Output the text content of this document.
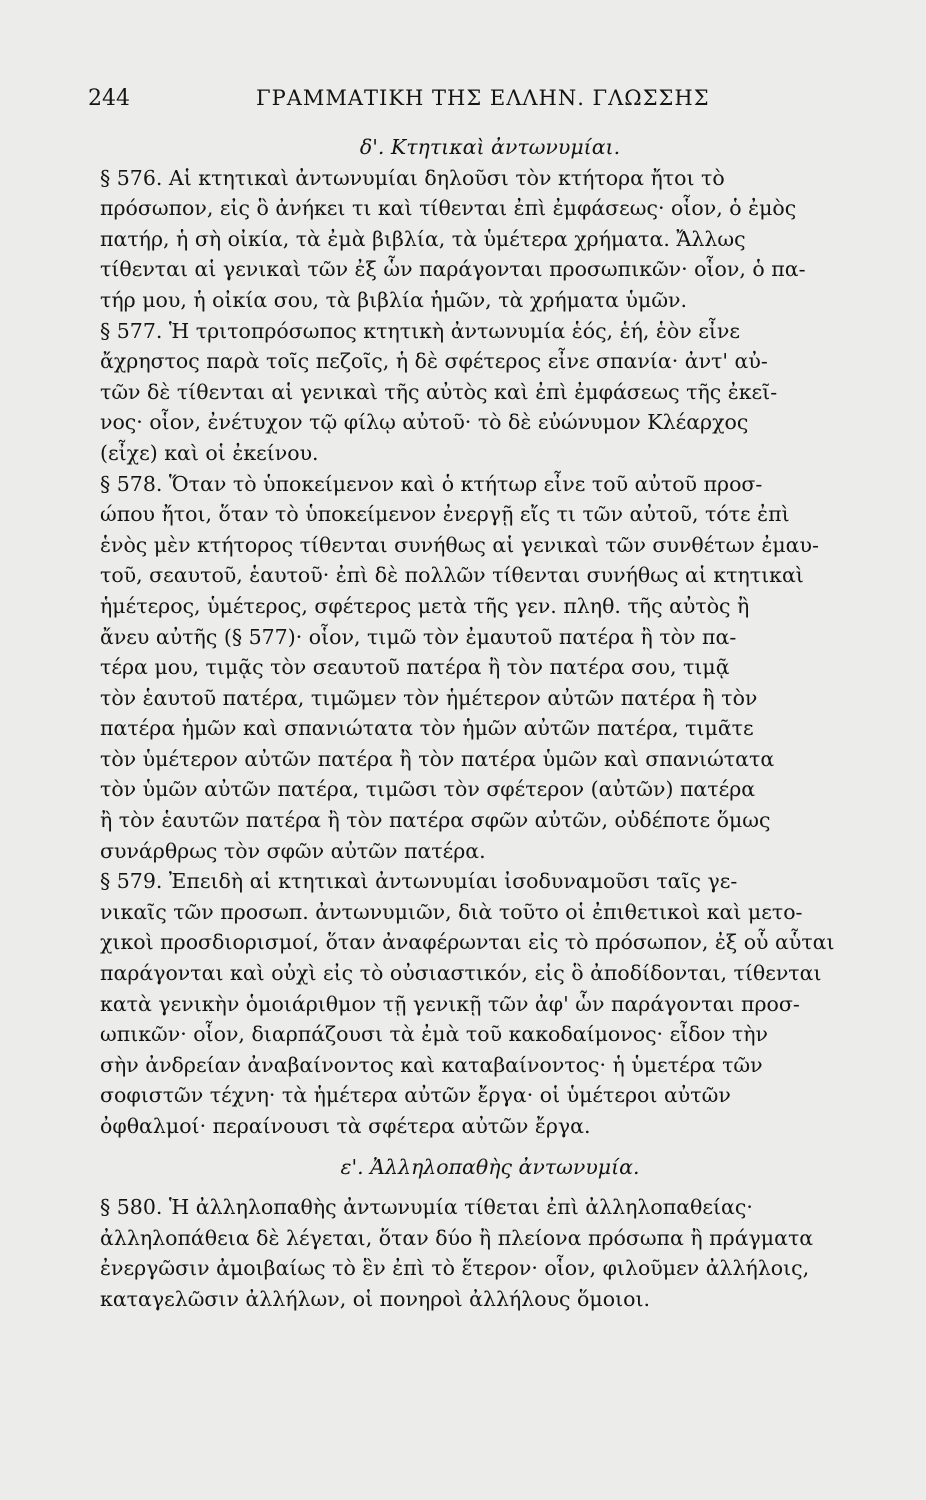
244	ΓΡΑΜΜΑΤΙΚΗ ΤΗΣ ΕΛΛΗΝ. ΓΛΩΣΣΗΣ
δ'. Κτητικαὶ ἀντωνυμίαι.
§ 576. Αἱ κτητικαὶ ἀντωνυμίαι δηλοῦσι τὸν κτήτορα ἤτοι τὸ
πρόσωπον, εἰς ὃ ἀνήκει τι καὶ τίθενται ἐπὶ ἐμφάσεως· οἷον, ὁ ἐμὸς
πατήρ, ἡ σὴ οἰκία, τὰ ἐμὰ βιβλία, τὰ ὑμέτερα χρήματα. Ἄλλως
τίθενται αἱ γενικαὶ τῶν ἐξ ὧν παράγονται προσωπικῶν· οἷον, ὁ πα-
τήρ μου, ἡ οἰκία σου, τὰ βιβλία ἡμῶν, τὰ χρήματα ὑμῶν.
§ 577. Ἡ τριτοπρόσωπος κτητικὴ ἀντωνυμία ἑός, ἑή, ἑὸν εἶνε
ἄχρηστος παρὰ τοῖς πεζοῖς, ἡ δὲ σφέτερος εἶνε σπανία· ἀντ' αὐ-
τῶν δὲ τίθενται αἱ γενικαὶ τῆς αὐτὸς καὶ ἐπὶ ἐμφάσεως τῆς ἐκεῖ-
νος· οἷον, ἐνέτυχον τῷ φίλῳ αὐτοῦ· τὸ δὲ εὐώνυμον Κλέαρχος
(εἶχε) καὶ οἱ ἐκείνου.
§ 578. Ὅταν τὸ ὑποκείμενον καὶ ὁ κτήτωρ εἶνε τοῦ αὐτοῦ προσ-
ώπου ἤτοι, ὅταν τὸ ὑποκείμενον ἐνεργῇ εἴς τι τῶν αὐτοῦ, τότε ἐπὶ
ἑνὸς μὲν κτήτορος τίθενται συνήθως αἱ γενικαὶ τῶν συνθέτων ἐμαυ-
τοῦ, σεαυτοῦ, ἑαυτοῦ· ἐπὶ δὲ πολλῶν τίθενται συνήθως αἱ κτητικαὶ
ἡμέτερος, ὑμέτερος, σφέτερος μετὰ τῆς γεν. πληθ. τῆς αὐτὸς ἢ
ἄνευ αὐτῆς (§ 577)· οἷον, τιμῶ τὸν ἐμαυτοῦ πατέρα ἢ τὸν πα-
τέρα μου, τιμᾷς τὸν σεαυτοῦ πατέρα ἢ τὸν πατέρα σου, τιμᾷ
τὸν ἑαυτοῦ πατέρα, τιμῶμεν τὸν ἡμέτερον αὐτῶν πατέρα ἢ τὸν
πατέρα ἡμῶν καὶ σπανιώτατα τὸν ἡμῶν αὐτῶν πατέρα, τιμᾶτε
τὸν ὑμέτερον αὐτῶν πατέρα ἢ τὸν πατέρα ὑμῶν καὶ σπανιώτατα
τὸν ὑμῶν αὐτῶν πατέρα, τιμῶσι τὸν σφέτερον (αὐτῶν) πατέρα
ἢ τὸν ἑαυτῶν πατέρα ἢ τὸν πατέρα σφῶν αὐτῶν, οὐδέποτε ὅμως
συνάρθρως τὸν σφῶν αὐτῶν πατέρα.
§ 579. Ἐπειδὴ αἱ κτητικαὶ ἀντωνυμίαι ἰσοδυναμοῦσι ταῖς γε-
νικαῖς τῶν προσωπ. ἀντωνυμιῶν, διὰ τοῦτο οἱ ἐπιθετικοὶ καὶ μετο-
χικοὶ προσδιορισμοί, ὅταν ἀναφέρωνται εἰς τὸ πρόσωπον, ἐξ οὗ αὗται
παράγονται καὶ οὐχὶ εἰς τὸ οὐσιαστικόν, εἰς ὃ ἀποδίδονται, τίθενται
κατὰ γενικὴν ὁμοιάριθμον τῇ γενικῇ τῶν ἀφ' ὧν παράγονται προσ-
ωπικῶν· οἷον, διαρπάζουσι τὰ ἐμὰ τοῦ κακοδαίμονος· εἶδον τὴν
σὴν ἀνδρείαν ἀναβαίνοντος καὶ καταβαίνοντος· ἡ ὑμετέρα τῶν
σοφιστῶν τέχνη· τὰ ἡμέτερα αὐτῶν ἔργα· οἱ ὑμέτεροι αὐτῶν
ὀφθαλμοί· περαίνουσι τὰ σφέτερα αὐτῶν ἔργα.
ε'. Ἀλληλοπαθὴς ἀντωνυμία.
§ 580. Ἡ ἀλληλοπαθὴς ἀντωνυμία τίθεται ἐπὶ ἀλληλοπαθείας·
ἀλληλοπάθεια δὲ λέγεται, ὅταν δύο ἢ πλείονα πρόσωπα ἢ πράγματα
ἐνεργῶσιν ἀμοιβαίως τὸ ἓν ἐπὶ τὸ ἕτερον· οἷον, φιλοῦμεν ἀλλήλοις,
καταγελῶσιν ἀλλήλων, οἱ πονηροὶ ἀλλήλους ὅμοιοι.
